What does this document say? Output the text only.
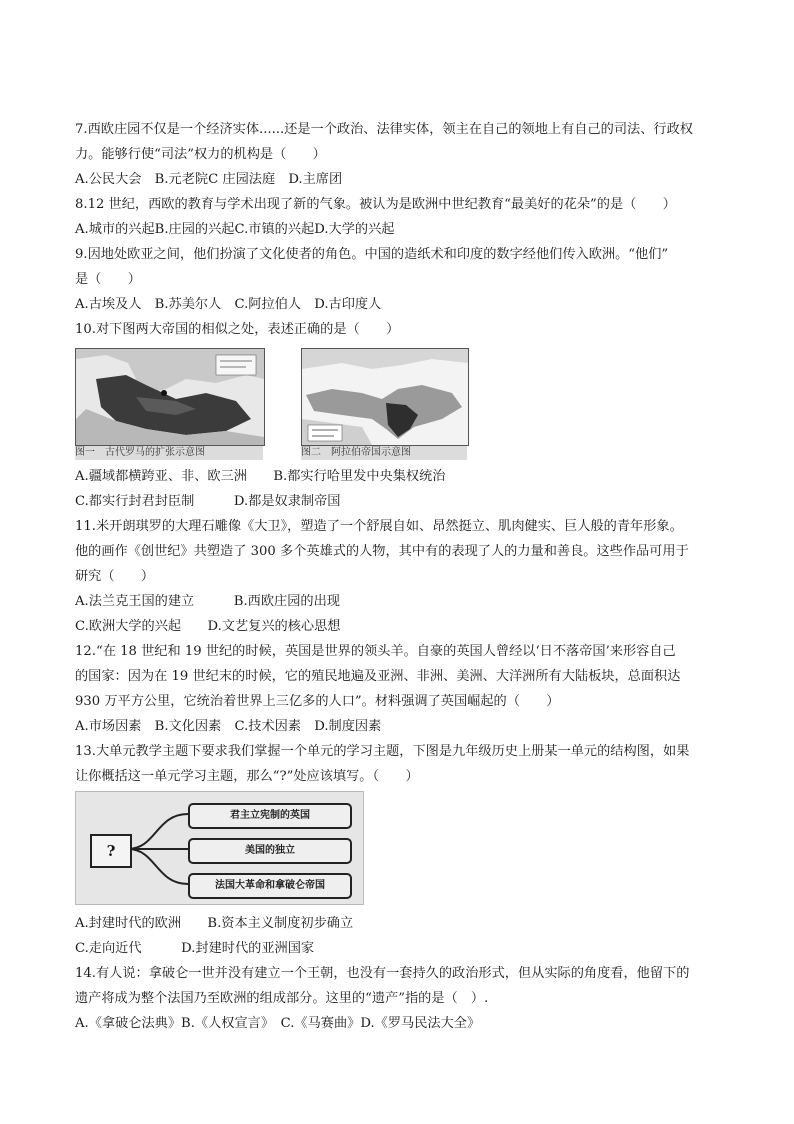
7.西欧庄园不仅是一个经济实体......还是一个政治、法律实体，领主在自己的领地上有自己的司法、行政权
力。能够行使“司法”权力的机构是（　　）
A.公民大会　B.元老院C 庄园法庭　D.主席团
8.12 世纪，西欧的教育与学术出现了新的气象。被认为是欧洲中世纪教育“最美好的花朵”的是（　　）
A.城市的兴起B.庄园的兴起C.市镇的兴起D.大学的兴起
9.因地处欧亚之间，他们扮演了文化使者的角色。中国的造纸术和印度的数字经他们传入欧洲。“他们”
是（　　）
A.古埃及人　B.苏美尔人　C.阿拉伯人　D.古印度人
10.对下图两大帝国的相似之处，表述正确的是（　　）
图一　古代罗马的扩张示意图	图二　阿拉伯帝国示意图
A.疆域都横跨亚、非、欧三洲　　B.都实行哈里发中央集权统治
C.都实行封君封臣制　　　D.都是奴隶制帝国
11.米开朗琪罗的大理石雕像《大卫》，塑造了一个舒展自如、昂然挺立、肌肉健实、巨人般的青年形象。
他的画作《创世纪》共塑造了 300 多个英雄式的人物，其中有的表现了人的力量和善良。这些作品可用于
研究（　　）
A.法兰克王国的建立　　　B.西欧庄园的出现
C.欧洲大学的兴起　　D.文艺复兴的核心思想
12.“在 18 世纪和 19 世纪的时候，英国是世界的领头羊。自豪的英国人曾经以‘日不落帝国’来形容自己
的国家：因为在 19 世纪末的时候，它的殖民地遍及亚洲、非洲、美洲、大洋洲所有大陆板块，总面积达
930 万平方公里，它统治着世界上三亿多的人口”。材料强调了英国崛起的（　　）
A.市场因素　B.文化因素　C.技术因素　D.制度因素
13.大单元教学主题下要求我们掌握一个单元的学习主题，下图是九年级历史上册某一单元的结构图，如果
让你概括这一单元学习主题，那么“?”处应该填写。（　　）
?
君主立宪制的英国
美国的独立
法国大革命和拿破仑帝国
A.封建时代的欧洲　　B.资本主义制度初步确立
C.走向近代　　　D.封建时代的亚洲国家
14.有人说：拿破仑一世并没有建立一个王朝，也没有一套持久的政治形式，但从实际的角度看，他留下的
遗产将成为整个法国乃至欧洲的组成部分。这里的“遗产”指的是（　）.
A.《拿破仑法典》B.《人权宣言》　C.《马赛曲》D.《罗马民法大全》
